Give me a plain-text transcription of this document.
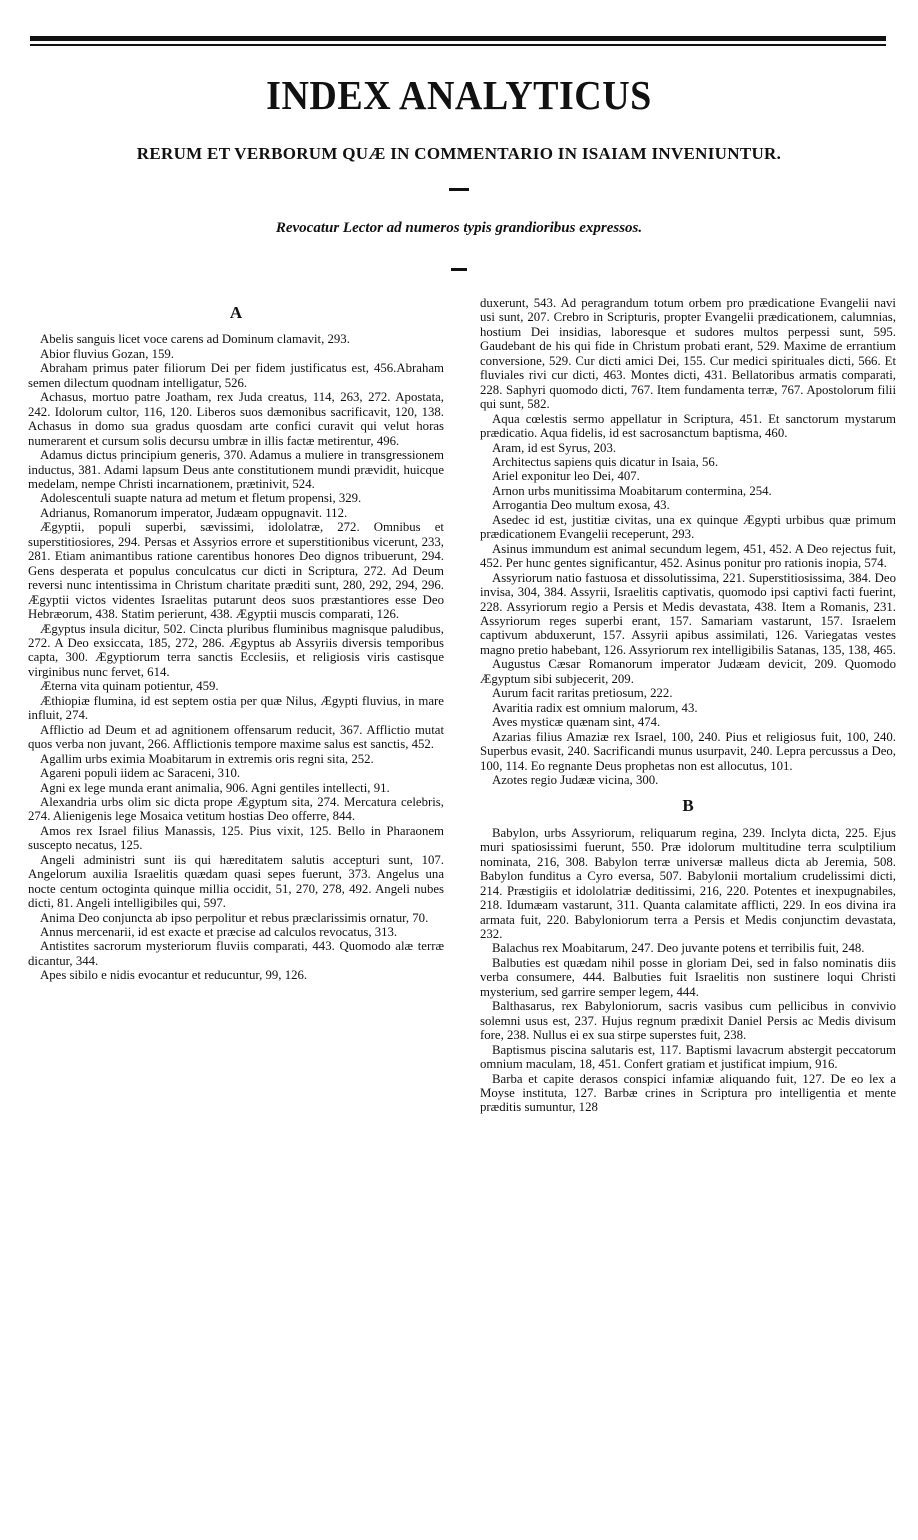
INDEX ANALYTICUS
RERUM ET VERBORUM QUÆ IN COMMENTARIO IN ISAIAM INVENIUNTUR.
Revocatur Lector ad numeros typis grandioribus expressos.
A

Abelis sanguis licet voce carens ad Dominum clamavit, 293.

Abior fluvius Gozan, 159.

Abraham primus pater filiorum Dei per fidem justificatus est, 456.Abraham semen dilectum quodnam intelligatur, 526.

Achasus, mortuo patre Joatham, rex Juda creatus, 114, 263, 272. Apostata, 242. Idolorum cultor, 116, 120. Liberos suos dæmonibus sacrificavit, 120, 138. Achasus in domo sua gradus quosdam arte confici curavit qui velut horas numerarent et cursum solis decursu umbræ in illis factæ metirentur, 496.

Adamus dictus principium generis, 370. Adamus a muliere in transgressionem inductus, 381. Adami lapsum Deus ante constitutionem mundi prævidit, huicque medelam, nempe Christi incarnationem, prætinivit, 524.

Adolescentuli suapte natura ad metum et fletum propensi, 329.

Adrianus, Romanorum imperator, Judæam oppugnavit. 112.

Ægyptii, populi superbi, sævissimi, idololatræ, 272. Omnibus et superstitiosiores, 294. Persas et Assyrios errore et superstitionibus vicerunt, 233, 281. Etiam animantibus ratione carentibus honores Deo dignos tribuerunt, 294. Gens desperata et populus conculcatus cur dicti in Scriptura, 272. Ad Deum reversi nunc intentissima in Christum charitate præditi sunt, 280, 292, 294, 296. Ægyptii victos videntes Israelitas putarunt deos suos præstantiores esse Deo Hebræorum, 438. Statim perierunt, 438. Ægyptii muscis comparati, 126.

Ægyptus insula dicitur, 502. Cincta pluribus fluminibus magnisque paludibus, 272. A Deo exsiccata, 185, 272, 286. Ægyptus ab Assyriis diversis temporibus capta, 300. Ægyptiorum terra sanctis Ecclesiis, et religiosis viris castisque virginibus nunc fervet, 614.

Æterna vita quinam potientur, 459.

Æthiopiæ flumina, id est septem ostia per quæ Nilus, Ægypti fluvius, in mare influit, 274.

Afflictio ad Deum et ad agnitionem offensarum reducit, 367. Afflictio mutat quos verba non juvant, 266. Afflictionis tempore maxime salus est sanctis, 452.

Agallim urbs eximia Moabitarum in extremis oris regni sita, 252.

Agareni populi iidem ac Saraceni, 310.

Agni ex lege munda erant animalia, 906. Agni gentiles intellecti, 91.

Alexandria urbs olim sic dicta prope Ægyptum sita, 274. Mercatura celebris, 274. Alienigenis lege Mosaica vetitum hostias Deo offerre, 844.

Amos rex Israel filius Manassis, 125. Pius vixit, 125. Bello in Pharaonem suscepto necatus, 125.

Angeli administri sunt iis qui hæreditatem salutis accepturi sunt, 107. Angelorum auxilia Israelitis quædam quasi sepes fuerunt, 373. Angelus una nocte centum octoginta quinque millia occidit, 51, 270, 278, 492. Angeli nubes dicti, 81. Angeli intelligibiles qui, 597.

Anima Deo conjuncta ab ipso perpolitur et rebus præclarissimis ornatur, 70.

Annus mercenarii, id est exacte et præcise ad calculos revocatus, 313.

Antistites sacrorum mysteriorum fluviis comparati, 443. Quomodo alæ terræ dicantur, 344.

Apes sibilo e nidis evocantur et reducuntur, 99, 126.

duxerunt, 543. Ad peragrandum totum orbem pro prædicatione Evangelii navi usi sunt, 207. Crebro in Scripturis, propter Evangelii prædicationem, calumnias, hostium Dei insidias, laboresque et sudores multos perpessi sunt, 595. Gaudebant de his qui fide in Christum probati erant, 529. Maxime de errantium conversione, 529. Cur dicti amici Dei, 155. Cur medici spirituales dicti, 566. Et fluviales rivi cur dicti, 463. Montes dicti, 431. Bellatoribus armatis comparati, 228. Saphyri quomodo dicti, 767. Item fundamenta terræ, 767. Apostolorum filii qui sunt, 582.

Aqua cœlestis sermo appellatur in Scriptura, 451. Et sanctorum mystarum prædicatio. Aqua fidelis, id est sacrosanctum baptisma, 460.

Aram, id est Syrus, 203.

Architectus sapiens quis dicatur in Isaia, 56.

Ariel exponitur leo Dei, 407.

Arnon urbs munitissima Moabitarum contermina, 254.

Arrogantia Deo multum exosa, 43.

Asedec id est, justitiæ civitas, una ex quinque Ægypti urbibus quæ primum prædicationem Evangelii receperunt, 293.

Asinus immundum est animal secundum legem, 451, 452. A Deo rejectus fuit, 452. Per hunc gentes significantur, 452. Asinus ponitur pro rationis inopia, 574.

Assyriorum natio fastuosa et dissolutissima, 221. Superstitiosissima, 384. Deo invisa, 304, 384. Assyrii, Israelitis captivatis, quomodo ipsi captivi facti fuerint, 228. Assyriorum regio a Persis et Medis devastata, 438. Item a Romanis, 231. Assyriorum reges superbi erant, 157. Samariam vastarunt, 157. Israelem captivum abduxerunt, 157. Assyrii apibus assimilati, 126. Variegatas vestes magno pretio habebant, 126. Assyriorum rex intelligibilis Satanas, 135, 138, 465.

Augustus Cæsar Romanorum imperator Judæam devicit, 209. Quomodo Ægyptum sibi subjecerit, 209.

Aurum facit raritas pretiosum, 222.

Avaritia radix est omnium malorum, 43.

Aves mysticæ quænam sint, 474.

Azarias filius Amaziæ rex Israel, 100, 240. Pius et religiosus fuit, 100, 240. Superbus evasit, 240. Sacrificandi munus usurpavit, 240. Lepra percussus a Deo, 100, 114. Eo regnante Deus prophetas non est allocutus, 101.

Azotes regio Judææ vicina, 300.

B

Babylon, urbs Assyriorum, reliquarum regina, 239. Inclyta dicta, 225. Ejus muri spatiosissimi fuerunt, 550. Præ idolorum multitudine terra sculptilium nominata, 216, 308. Babylon terræ universæ malleus dicta ab Jeremia, 508. Babylon funditus a Cyro eversa, 507. Babylonii mortalium crudelissimi dicti, 214. Præstigiis et idololatriæ deditissimi, 216, 220. Potentes et inexpugnabiles, 218. Idumæam vastarunt, 311. Quanta calamitate afflicti, 229. In eos divina ira armata fuit, 220. Babyloniorum terra a Persis et Medis conjunctim devastata, 232.

Balachus rex Moabitarum, 247. Deo juvante potens et terribilis fuit, 248.

Balbuties est quædam nihil posse in gloriam Dei, sed in falso nominatis diis verba consumere, 444. Balbuties fuit Israelitis non sustinere loqui Christi mysterium, sed garrire semper legem, 444.

Balthasarus, rex Babyloniorum, sacris vasibus cum pellicibus in convivio solemni usus est, 237. Hujus regnum prædixit Daniel Persis ac Medis divisum fore, 238. Nullus ei ex sua stirpe superstes fuit, 238.

Baptismus piscina salutaris est, 117. Baptismi lavacrum abstergit peccatorum omnium maculam, 18, 451. Confert gratiam et justificat impium, 916.

Barba et capite derasos conspici infamiæ aliquando fuit, 127. De eo lex a Moyse instituta, 127. Barbæ crines in Scriptura pro intelligentia et mente præditis sumuntur, 128
